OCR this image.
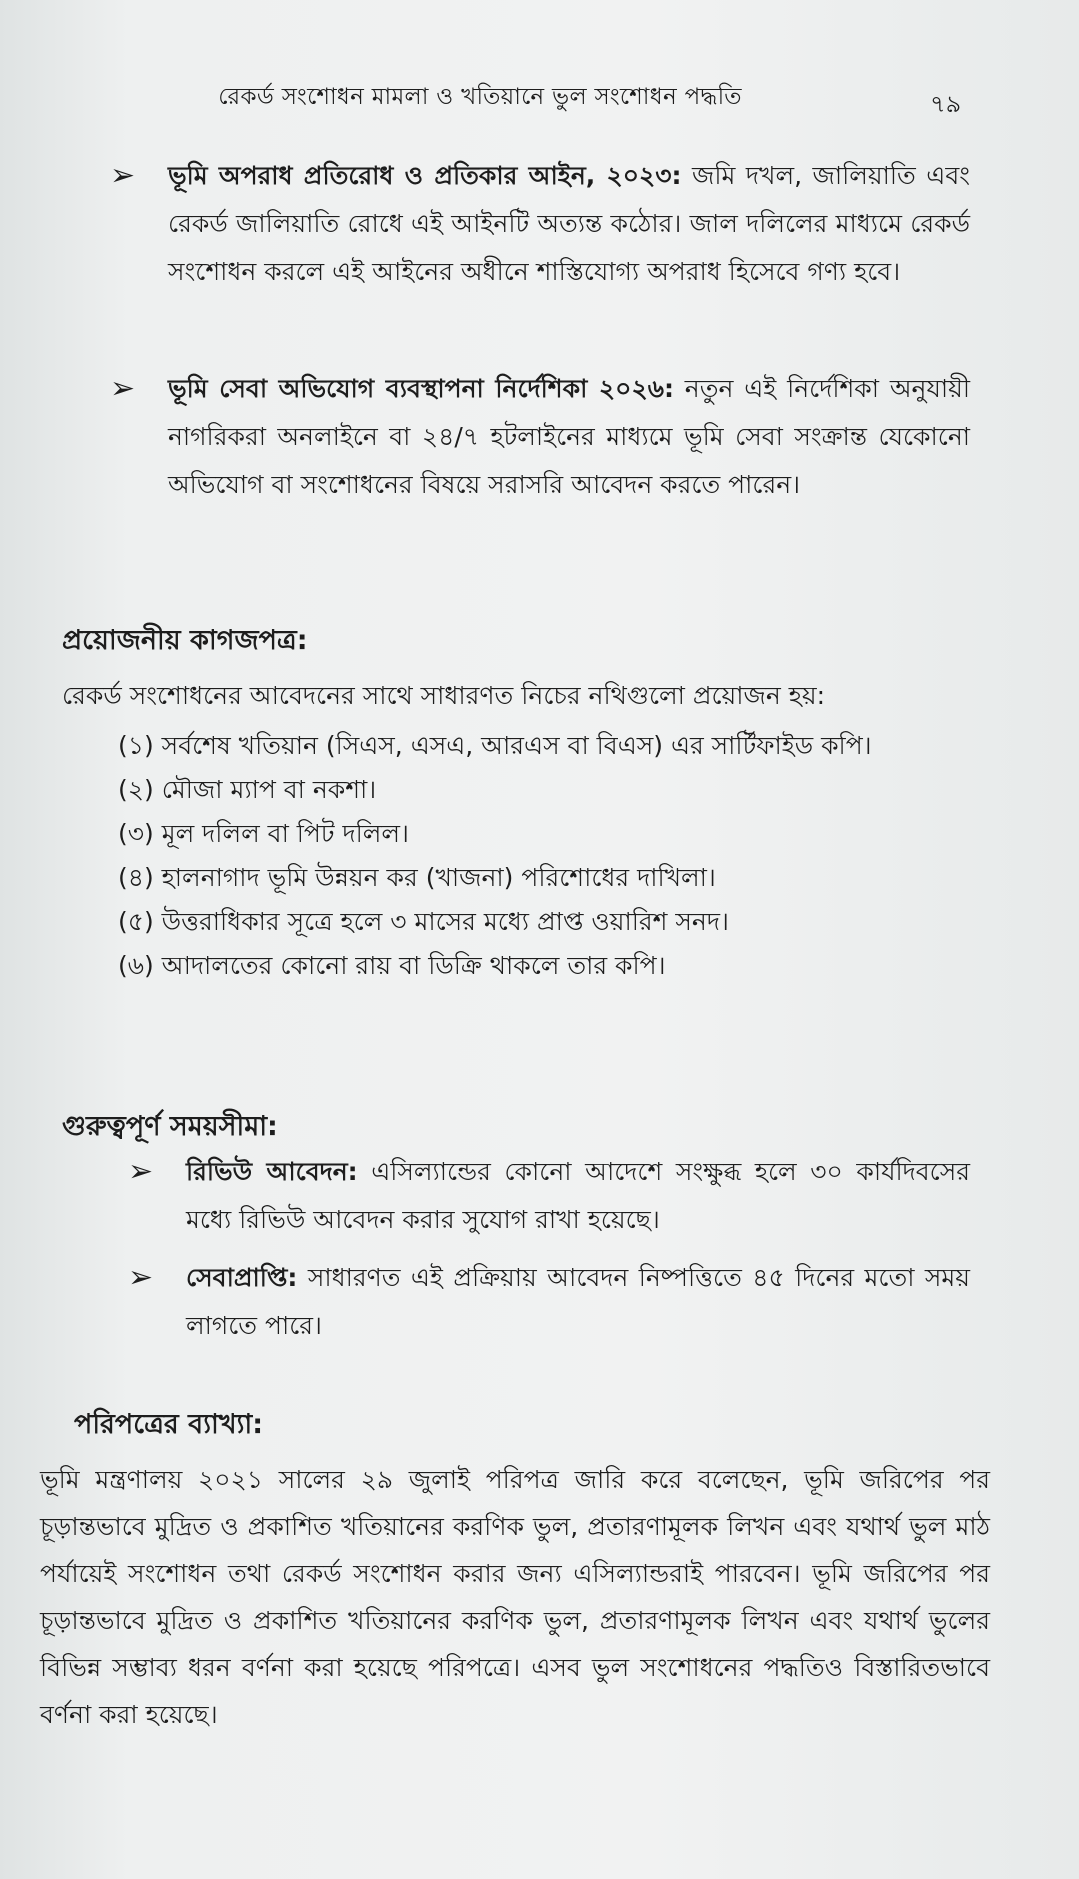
রেকর্ড সংশোধন মামলা ও খতিয়ানে ভুল সংশোধন পদ্ধতি	৭৯
➢ ভূমি অপরাধ প্রতিরোধ ও প্রতিকার আইন, ২০২৩: জমি দখল, জালিয়াতি এবং রেকর্ড জালিয়াতি রোধে এই আইনটি অত্যন্ত কঠোর। জাল দলিলের মাধ্যমে রেকর্ড সংশোধন করলে এই আইনের অধীনে শাস্তিযোগ্য অপরাধ হিসেবে গণ্য হবে।
➢ ভূমি সেবা অভিযোগ ব্যবস্থাপনা নির্দেশিকা ২০২৬: নতুন এই নির্দেশিকা অনুযায়ী নাগরিকরা অনলাইনে বা ২৪/৭ হটলাইনের মাধ্যমে ভূমি সেবা সংক্রান্ত যেকোনো অভিযোগ বা সংশোধনের বিষয়ে সরাসরি আবেদন করতে পারেন।
প্রয়োজনীয় কাগজপত্র:
রেকর্ড সংশোধনের আবেদনের সাথে সাধারণত নিচের নথিগুলো প্রয়োজন হয়:
(১) সর্বশেষ খতিয়ান (সিএস, এসএ, আরএস বা বিএস) এর সার্টিফাইড কপি।
(২) মৌজা ম্যাপ বা নকশা।
(৩) মূল দলিল বা পিট দলিল।
(৪) হালনাগাদ ভূমি উন্নয়ন কর (খাজনা) পরিশোধের দাখিলা।
(৫) উত্তরাধিকার সূত্রে হলে ৩ মাসের মধ্যে প্রাপ্ত ওয়ারিশ সনদ।
(৬) আদালতের কোনো রায় বা ডিক্রি থাকলে তার কপি।
গুরুত্বপূর্ণ সময়সীমা:
➢ রিভিউ আবেদন: এসিল্যান্ডের কোনো আদেশে সংক্ষুব্ধ হলে ৩০ কার্যদিবসের মধ্যে রিভিউ আবেদন করার সুযোগ রাখা হয়েছে।
➢ সেবাপ্রাপ্তি: সাধারণত এই প্রক্রিয়ায় আবেদন নিষ্পত্তিতে ৪৫ দিনের মতো সময় লাগতে পারে।
পরিপত্রের ব্যাখ্যা:
ভূমি মন্ত্রণালয় ২০২১ সালের ২৯ জুলাই পরিপত্র জারি করে বলেছেন, ভূমি জরিপের পর চূড়ান্তভাবে মুদ্রিত ও প্রকাশিত খতিয়ানের করণিক ভুল, প্রতারণামূলক লিখন এবং যথার্থ ভুল মাঠ পর্যায়েই সংশোধন তথা রেকর্ড সংশোধন করার জন্য এসিল্যান্ডরাই পারবেন। ভূমি জরিপের পর চূড়ান্তভাবে মুদ্রিত ও প্রকাশিত খতিয়ানের করণিক ভুল, প্রতারণামূলক লিখন এবং যথার্থ ভুলের বিভিন্ন সম্ভাব্য ধরন বর্ণনা করা হয়েছে পরিপত্রে। এসব ভুল সংশোধনের পদ্ধতিও বিস্তারিতভাবে বর্ণনা করা হয়েছে।
